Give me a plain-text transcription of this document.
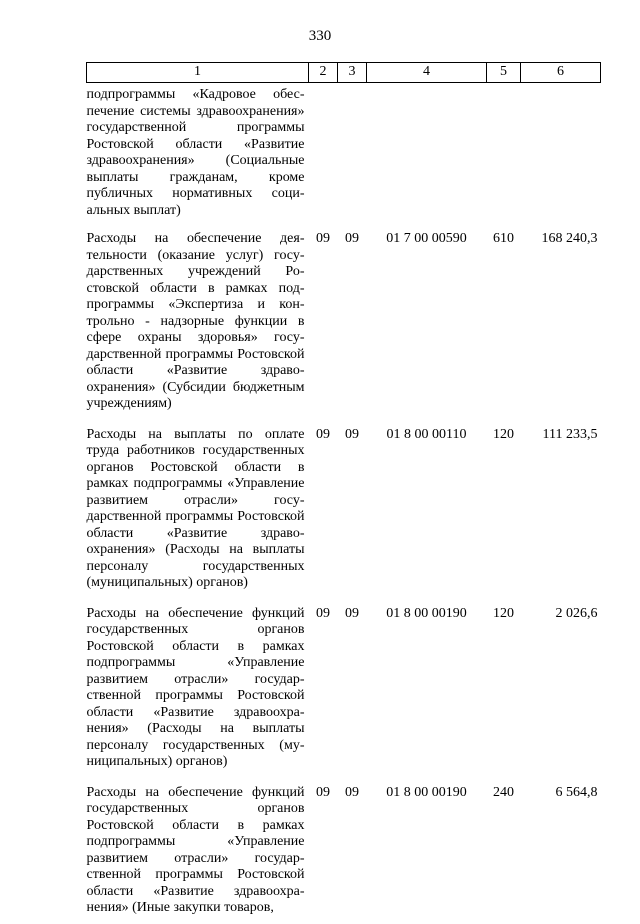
330
1	2	3	4	5	6
подпрограммы «Кадровое обеспечение системы здравоохранения» государственной программы Ростовской области «Развитие здравоохранения» (Социальные выплаты гражданам, кроме публичных нормативных социальных выплат)					
Расходы на обеспечение деятельности (оказание услуг) государственных учреждений Ростовской области в рамках подпрограммы «Экспертиза и контрольно - надзорные функции в сфере охраны здоровья» государственной программы Ростовской области «Развитие здравоохранения» (Субсидии бюджетным учреждениям)	09	09	01 7 00 00590	610	168 240,3
Расходы на выплаты по оплате труда работников государственных органов Ростовской области в рамках подпрограммы «Управление развитием отрасли» государственной программы Ростовской области «Развитие здравоохранения» (Расходы на выплаты персоналу государственных (муниципальных) органов)	09	09	01 8 00 00110	120	111 233,5
Расходы на обеспечение функций государственных органов Ростовской области в рамках подпрограммы «Управление развитием отрасли» государственной программы Ростовской области «Развитие здравоохранения» (Расходы на выплаты персоналу государственных (муниципальных) органов)	09	09	01 8 00 00190	120	2 026,6
Расходы на обеспечение функций государственных органов Ростовской области в рамках подпрограммы «Управление развитием отрасли» государственной программы Ростовской области «Развитие здравоохранения» (Иные закупки товаров,	09	09	01 8 00 00190	240	6 564,8
